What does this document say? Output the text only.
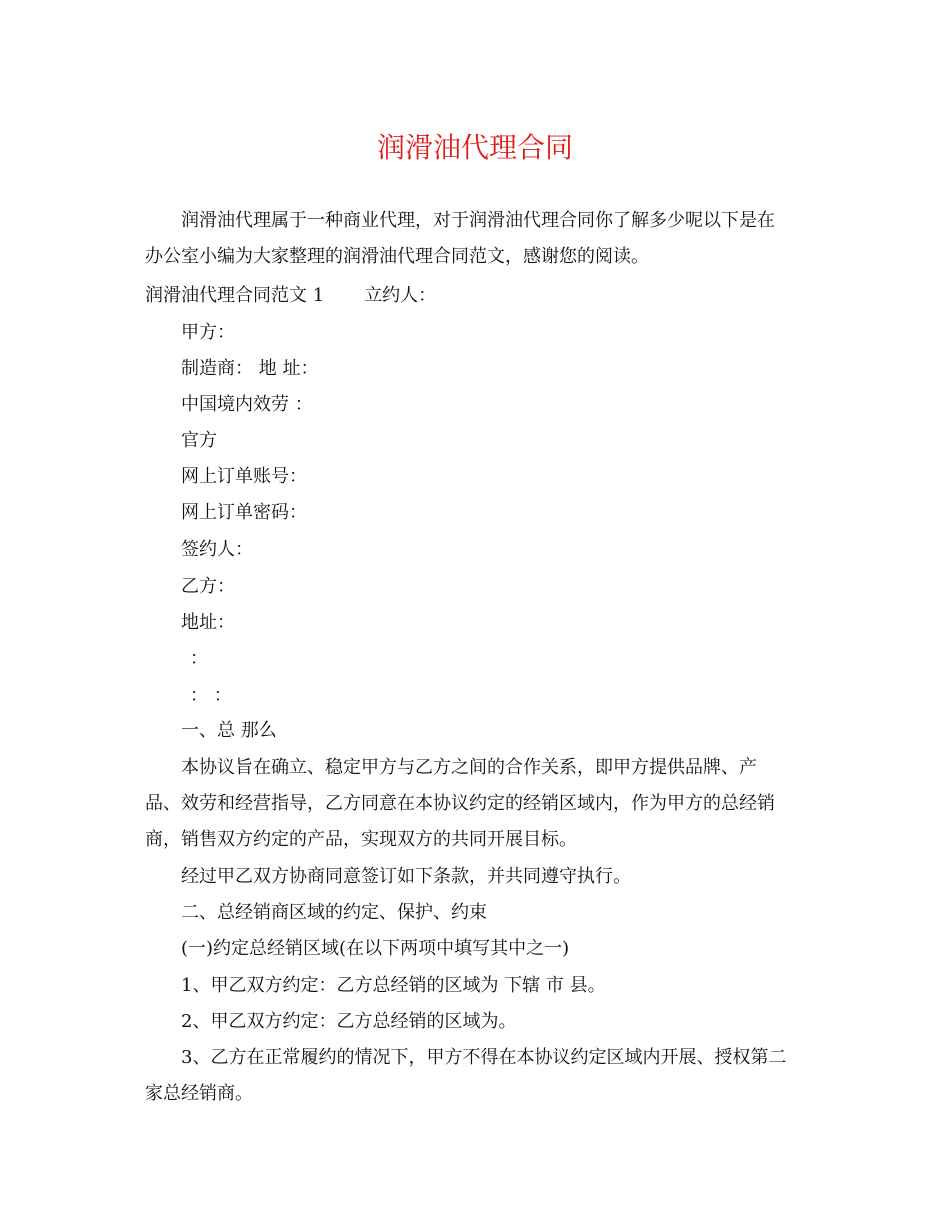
润滑油代理合同
润滑油代理属于一种商业代理，对于润滑油代理合同你了解多少呢以下是在
办公室小编为大家整理的润滑油代理合同范文，感谢您的阅读。
润滑油代理合同范文 1 立约人：
甲方：
制造商： 地 址：
中国境内效劳 ：
官方
网上订单账号：
网上订单密码：
签约人：
乙方：
地址：
：
： ：
一、总 那么
本协议旨在确立、稳定甲方与乙方之间的合作关系，即甲方提供品牌、产
品、效劳和经营指导，乙方同意在本协议约定的经销区域内，作为甲方的总经销
商，销售双方约定的产品，实现双方的共同开展目标。
经过甲乙双方协商同意签订如下条款，并共同遵守执行。
二、总经销商区域的约定、保护、约束
(一)约定总经销区域(在以下两项中填写其中之一)
1、甲乙双方约定：乙方总经销的区域为 下辖 市 县。
2、甲乙双方约定：乙方总经销的区域为。
3、乙方在正常履约的情况下，甲方不得在本协议约定区域内开展、授权第二
家总经销商。
